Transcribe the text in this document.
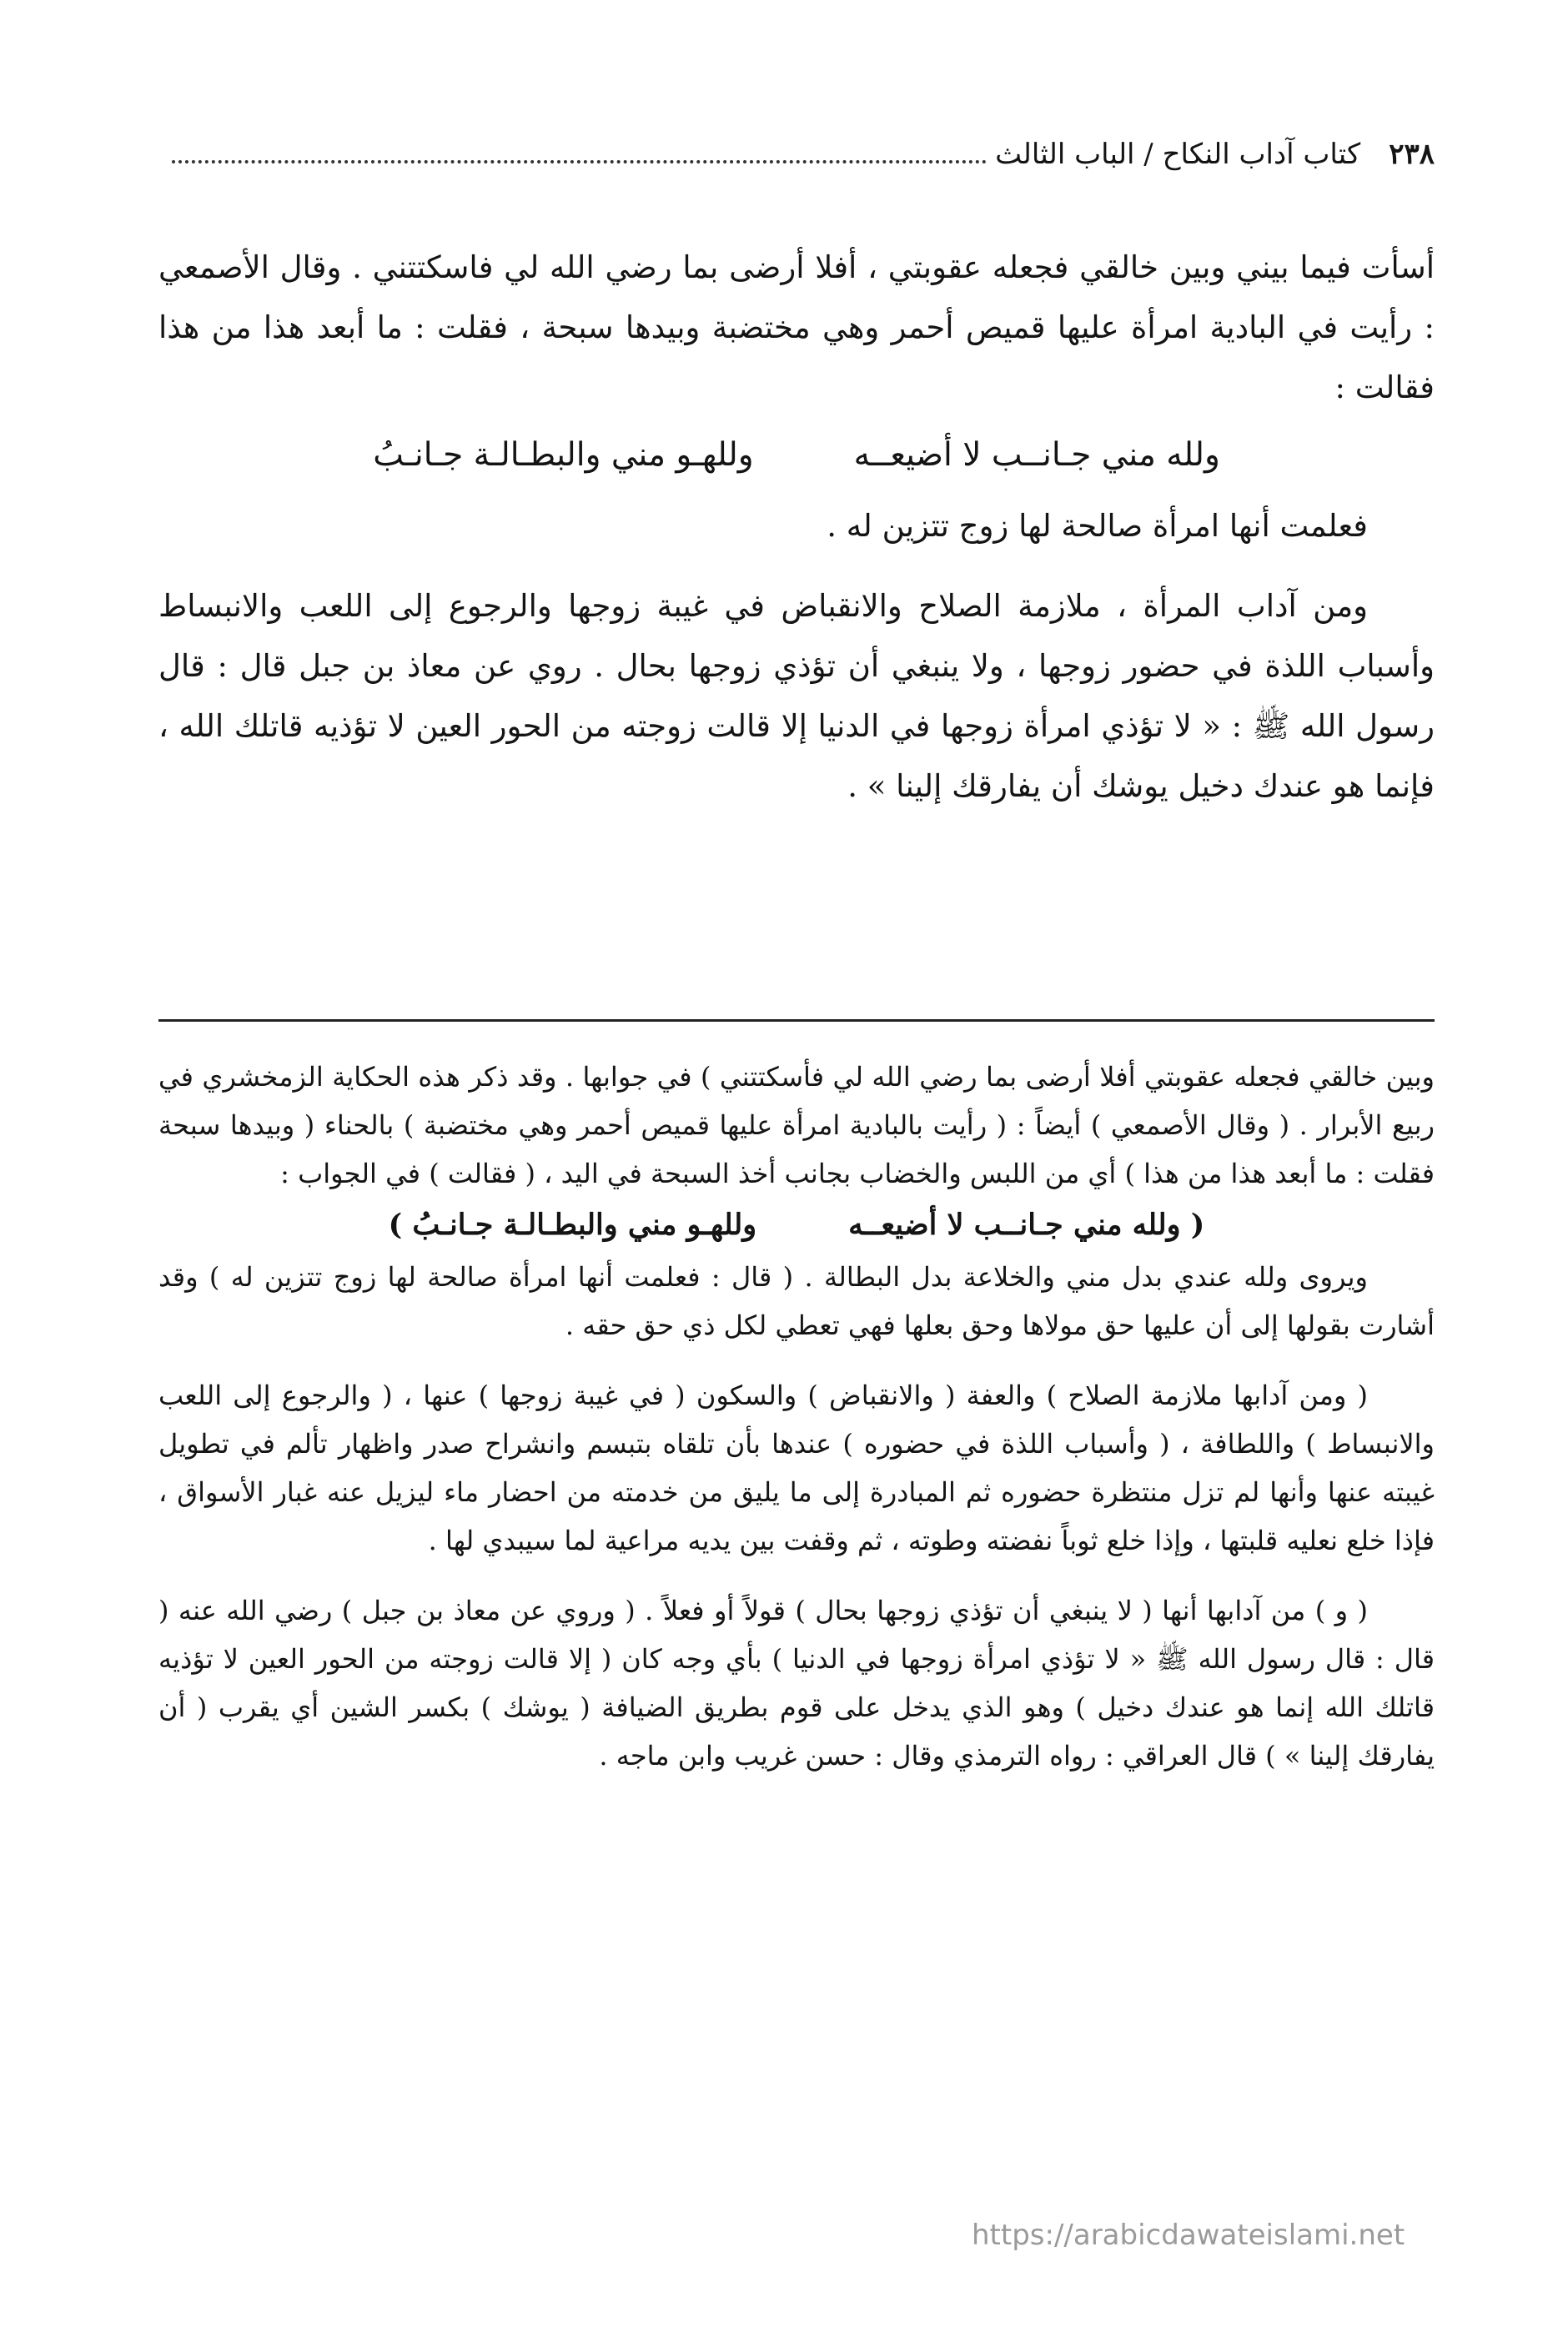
٢٣٨
كتاب آداب النكاح / الباب الثالث

أسأت فيما بيني وبين خالقي فجعله عقوبتي ، أفلا أرضى بما رضي الله لي فاسكتتني . وقال الأصمعي : رأيت في البادية امرأة عليها قميص أحمر وهي مختضبة وبيدها سبحة ، فقلت : ما أبعد هذا من هذا فقالت :

ولله مني جـانــب لا أضيعــه
وللهـو مني والبطـالـة جـانـبُ

فعلمت أنها امرأة صالحة لها زوج تتزين له .

ومن آداب المرأة ، ملازمة الصلاح والانقباض في غيبة زوجها والرجوع إلى اللعب والانبساط وأسباب اللذة في حضور زوجها ، ولا ينبغي أن تؤذي زوجها بحال . روي عن معاذ بن جبل قال : قال رسول الله ﷺ : « لا تؤذي امرأة زوجها في الدنيا إلا قالت زوجته من الحور العين لا تؤذيه قاتلك الله ، فإنما هو عندك دخيل يوشك أن يفارقك إلينا » .

وبين خالقي فجعله عقوبتي أفلا أرضى بما رضي الله لي فأسكتتني ) في جوابها . وقد ذكر هذه الحكاية الزمخشري في ربيع الأبرار . ( وقال الأصمعي ) أيضاً : ( رأيت بالبادية امرأة عليها قميص أحمر وهي مختضبة ) بالحناء ( وبيدها سبحة فقلت : ما أبعد هذا من هذا ) أي من اللبس والخضاب بجانب أخذ السبحة في اليد ، ( فقالت ) في الجواب :

( ولله مني جـانــب لا أضيعــه
وللهـو مني والبطـالـة جـانـبُ )

ويروى ولله عندي بدل مني والخلاعة بدل البطالة . ( قال : فعلمت أنها امرأة صالحة لها زوج تتزين له ) وقد أشارت بقولها إلى أن عليها حق مولاها وحق بعلها فهي تعطي لكل ذي حق حقه .

( ومن آدابها ملازمة الصلاح ) والعفة ( والانقباض ) والسكون ( في غيبة زوجها ) عنها ، ( والرجوع إلى اللعب والانبساط ) واللطافة ، ( وأسباب اللذة في حضوره ) عندها بأن تلقاه بتبسم وانشراح صدر واظهار تألم في تطويل غيبته عنها وأنها لم تزل منتظرة حضوره ثم المبادرة إلى ما يليق من خدمته من احضار ماء ليزيل عنه غبار الأسواق ، فإذا خلع نعليه قلبتها ، وإذا خلع ثوباً نفضته وطوته ، ثم وقفت بين يديه مراعية لما سيبدي لها .

( و ) من آدابها أنها ( لا ينبغي أن تؤذي زوجها بحال ) قولاً أو فعلاً . ( وروي عن معاذ بن جبل ) رضي الله عنه ( قال : قال رسول الله ﷺ « لا تؤذي امرأة زوجها في الدنيا ) بأي وجه كان ( إلا قالت زوجته من الحور العين لا تؤذيه قاتلك الله إنما هو عندك دخيل ) وهو الذي يدخل على قوم بطريق الضيافة ( يوشك ) بكسر الشين أي يقرب ( أن يفارقك إلينا » ) قال العراقي : رواه الترمذي وقال : حسن غريب وابن ماجه .

https://arabicdawateislami.net
